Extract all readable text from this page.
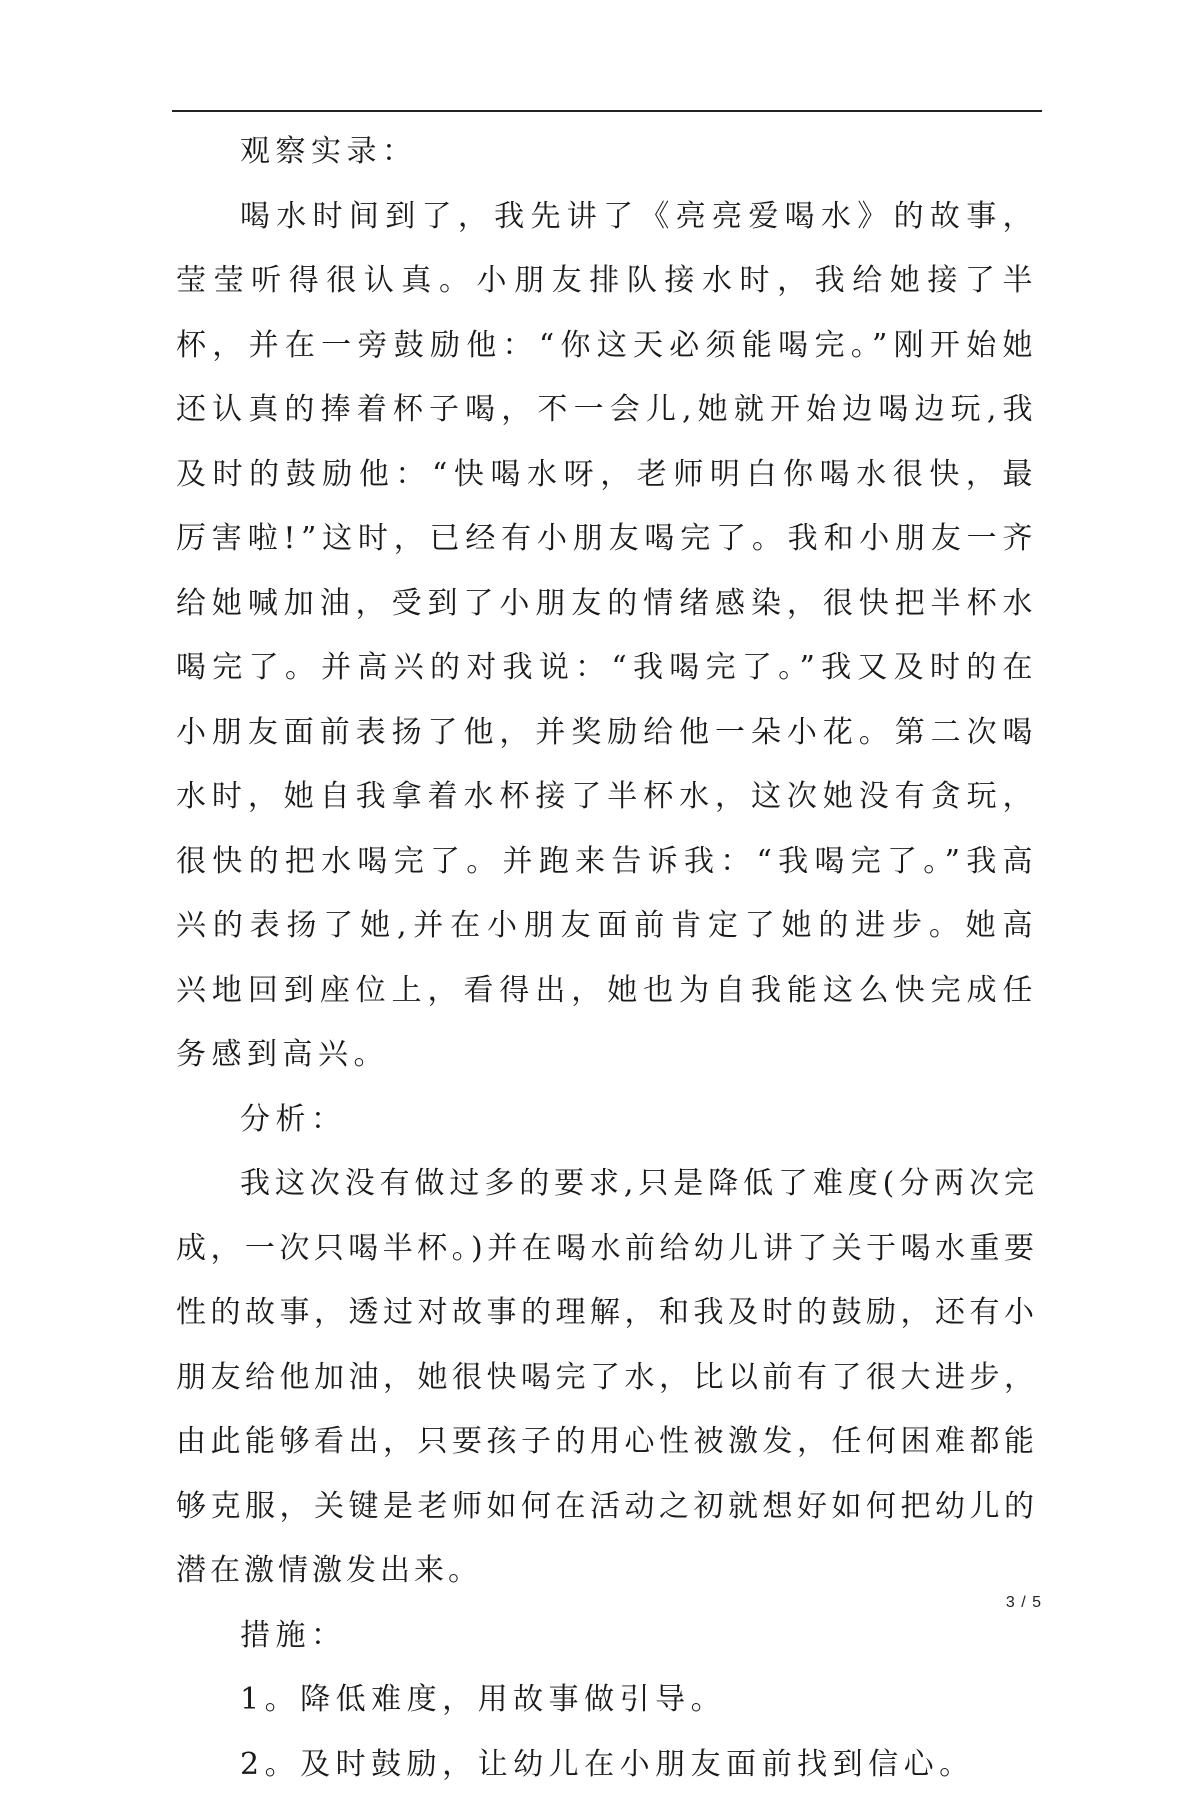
观察实录：

喝水时间到了，我先讲了《亮亮爱喝水》的故事，莹莹听得很认真。小朋友排队接水时，我给她接了半杯，并在一旁鼓励他：“你这天必须能喝完。”刚开始她还认真的捧着杯子喝，不一会儿,她就开始边喝边玩,我及时的鼓励他：“快喝水呀，老师明白你喝水很快，最厉害啦!”这时，已经有小朋友喝完了。我和小朋友一齐给她喊加油，受到了小朋友的情绪感染，很快把半杯水喝完了。并高兴的对我说：“我喝完了。”我又及时的在小朋友面前表扬了他，并奖励给他一朵小花。第二次喝水时，她自我拿着水杯接了半杯水，这次她没有贪玩，很快的把水喝完了。并跑来告诉我：“我喝完了。”我高兴的表扬了她,并在小朋友面前肯定了她的进步。她高兴地回到座位上，看得出，她也为自我能这么快完成任务感到高兴。

分析：

我这次没有做过多的要求,只是降低了难度(分两次完成，一次只喝半杯。)并在喝水前给幼儿讲了关于喝水重要性的故事，透过对故事的理解，和我及时的鼓励，还有小朋友给他加油，她很快喝完了水，比以前有了很大进步，由此能够看出，只要孩子的用心性被激发，任何困难都能够克服，关键是老师如何在活动之初就想好如何把幼儿的潜在激情激发出来。

措施：

1。降低难度，用故事做引导。

2。及时鼓励，让幼儿在小朋友面前找到信心。

3 / 5
